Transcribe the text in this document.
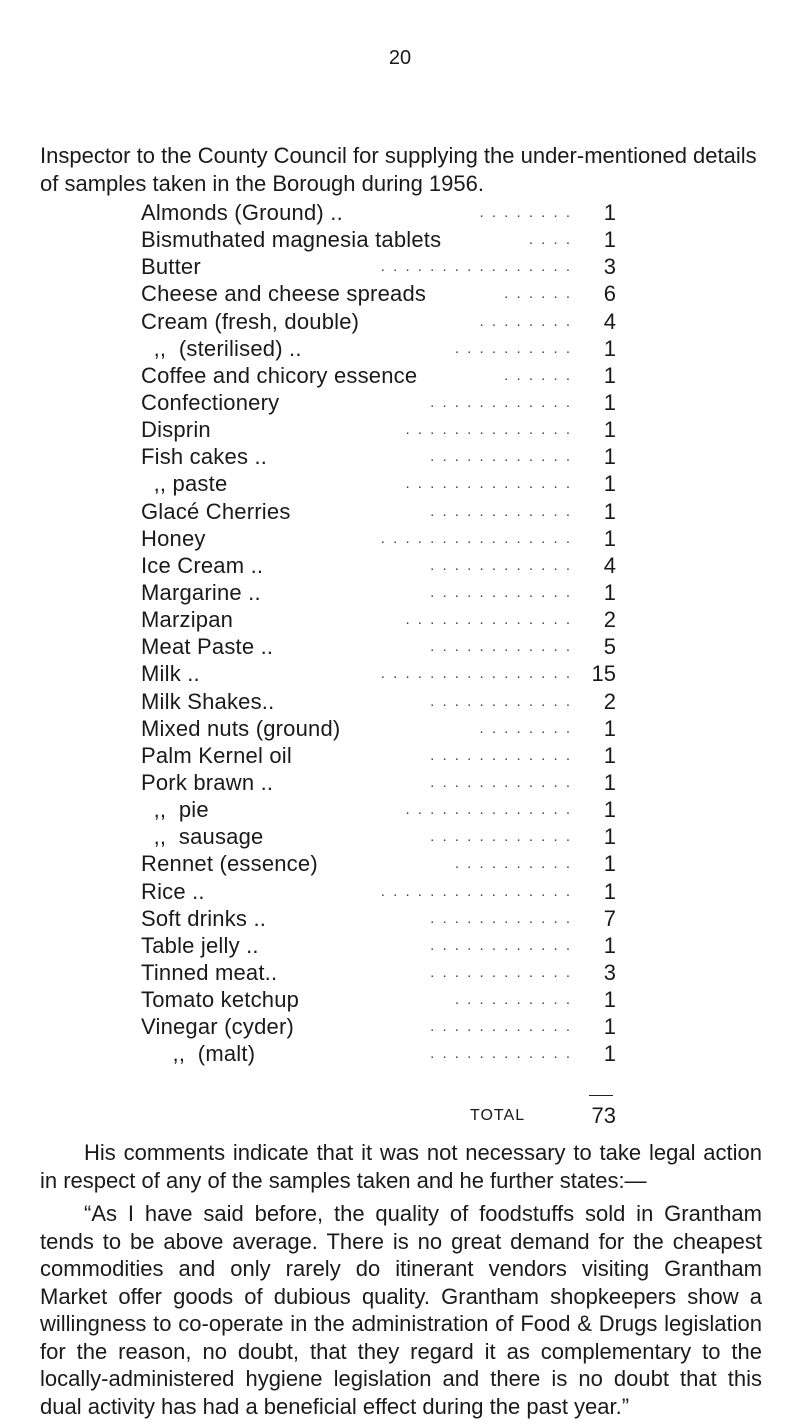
20
Inspector to the County Council for supplying the under-mentioned details of samples taken in the Borough during 1956.
Almonds (Ground) ..	1
. . . . . . . .
Bismuthated magnesia tablets	1
. . . .
Butter	3
. . . . . . . . . . . . . . . .
Cheese and cheese spreads	6
. . . . . .
Cream (fresh, double)	4
. . . . . . . .
,,  (sterilised) ..	1
. . . . . . . . . .
Coffee and chicory essence	1
. . . . . .
Confectionery	1
. . . . . . . . . . . .
Disprin	1
. . . . . . . . . . . . . .
Fish cakes ..	1
. . . . . . . . . . . .
,, paste	1
. . . . . . . . . . . . . .
Glacé Cherries	1
. . . . . . . . . . . .
Honey	1
. . . . . . . . . . . . . . . .
Ice Cream ..	4
. . . . . . . . . . . .
Margarine ..	1
. . . . . . . . . . . .
Marzipan	2
. . . . . . . . . . . . . .
Meat Paste ..	5
. . . . . . . . . . . .
Milk ..	15
. . . . . . . . . . . . . . . .
Milk Shakes..	2
. . . . . . . . . . . .
Mixed nuts (ground)	1
. . . . . . . .
Palm Kernel oil	1
. . . . . . . . . . . .
Pork brawn ..	1
. . . . . . . . . . . .
,,  pie	1
. . . . . . . . . . . . . .
,,  sausage	1
. . . . . . . . . . . .
Rennet (essence)	1
. . . . . . . . . .
Rice ..	1
. . . . . . . . . . . . . . . .
Soft drinks ..	7
. . . . . . . . . . . .
Table jelly ..	1
. . . . . . . . . . . .
Tinned meat..	3
. . . . . . . . . . . .
Tomato ketchup	1
. . . . . . . . . .
Vinegar (cyder)	1
. . . . . . . . . . . .
,,  (malt)	1
. . . . . . . . . . . .
TOTAL	73

His comments indicate that it was not necessary to take legal action in respect of any of the samples taken and he further states:—

“As I have said before, the quality of foodstuffs sold in Grantham tends to be above average. There is no great demand for the cheapest commodities and only rarely do itinerant vendors visiting Grantham Market offer goods of dubious quality. Grantham shopkeepers show a willingness to co-operate in the administration of Food & Drugs legislation for the reason, no doubt, that they regard it as complementary to the locally-administered hygiene legislation and there is no doubt that this dual activity has had a beneficial effect during the past year.”
